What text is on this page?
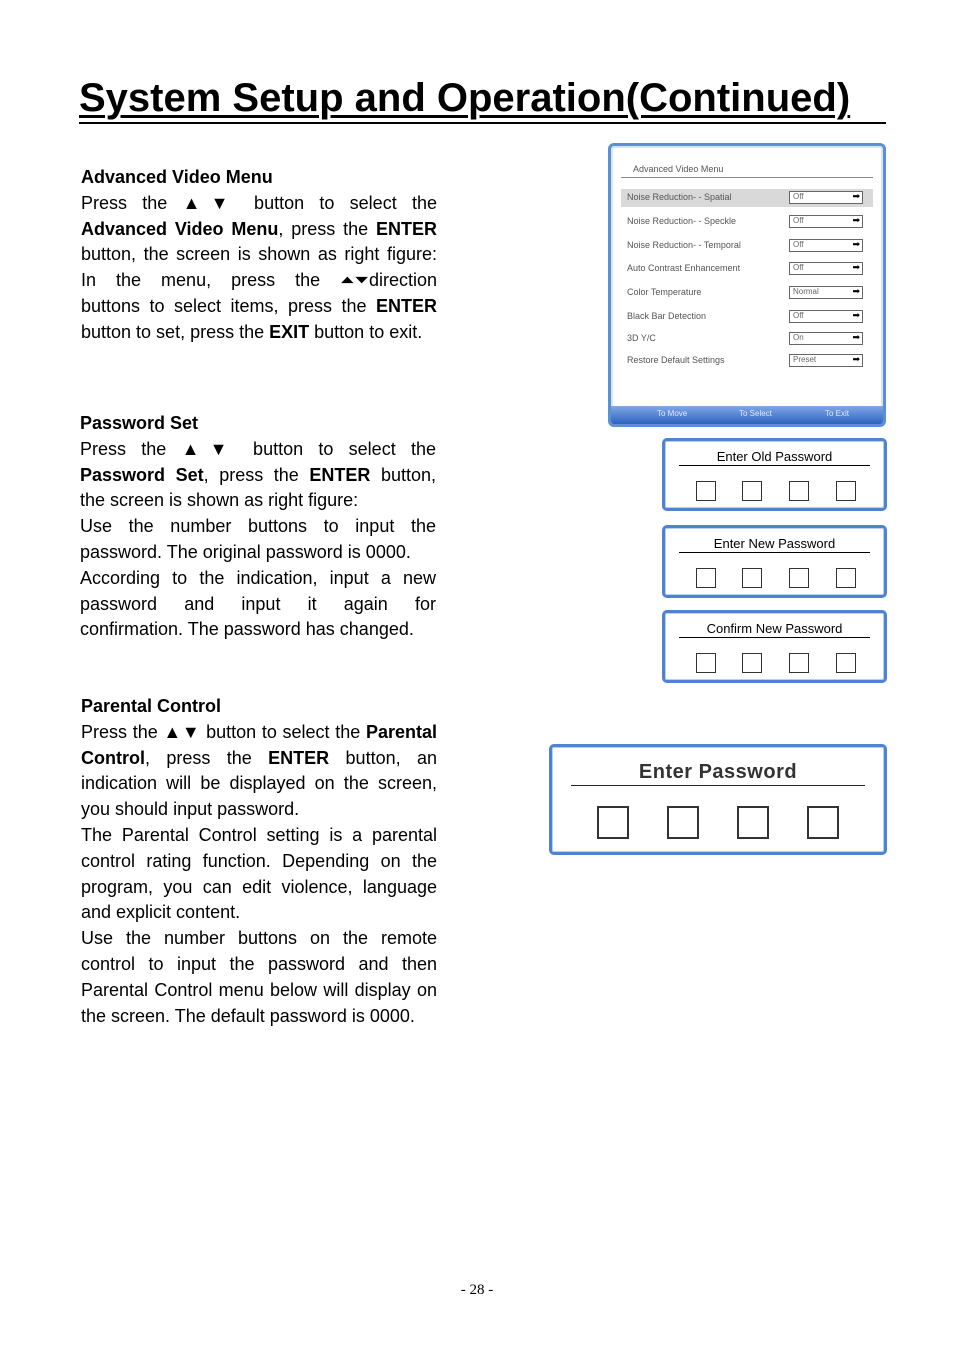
System Setup and Operation(Continued)
Advanced Video Menu

Press the ▲▼ button to select the

Advanced Video Menu, press the ENTER

button, the screen is shown as right figure:

In the menu, press the ⏶⏷direction

buttons to select items, press the ENTER

button to set, press the EXIT button to exit.

Password Set

Press the ▲▼ button to select the

Password Set, press the ENTER button,

the screen is shown as right figure:

Use the number buttons to input the

password. The original password is 0000.

According to the indication, input a new

password and input it again for

confirmation. The password has changed.

Parental Control

Press the ▲▼ button to select the Parental

Control, press the ENTER button, an

indication will be displayed on the screen,

you should input password.

The Parental Control setting is a parental

control rating function. Depending on the

program, you can edit violence, language

and explicit content.

Use the number buttons on the remote

control to input the password and then

Parental Control menu below will display on

the screen. The default password is 0000.

Advanced Video Menu
Noise Reduction- - Spatial	Off	➡
Noise Reduction- - Speckle	Off	➡
Noise Reduction- - Temporal	Off	➡
Auto Contrast Enhancement	Off	➡
Color Temperature	Normal	➡
Black Bar Detection	Off	➡
3D Y/C	On	➡
Restore Default Settings	Preset	➡
To Move	To Select	To Exit
Enter Old Password
Enter New Password
Confirm New Password
Enter Password
- 28 -
